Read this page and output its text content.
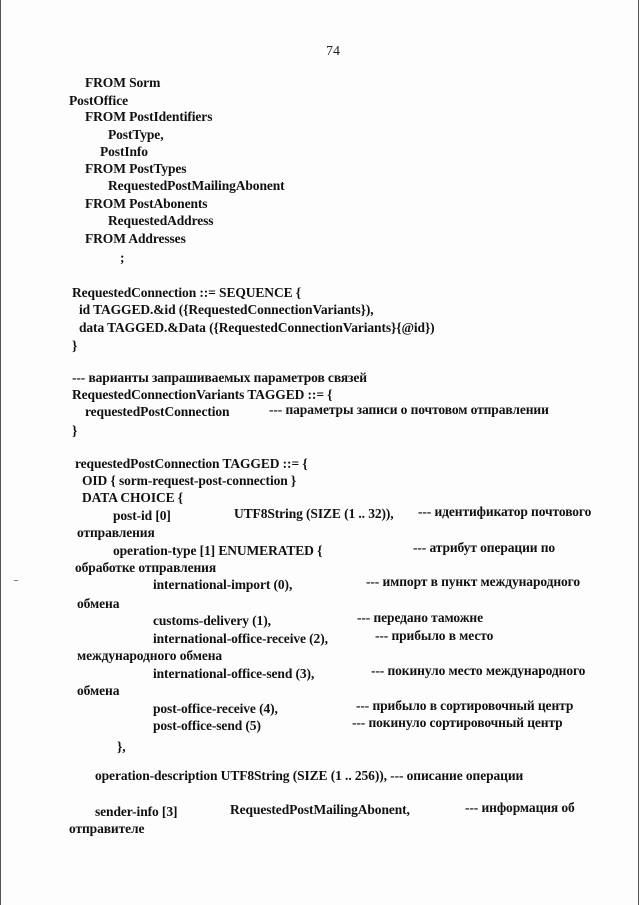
74
FROM Sorm
PostOffice
FROM PostIdentifiers
PostType,
PostInfo
FROM PostTypes
RequestedPostMailingAbonent
FROM PostAbonents
RequestedAddress
FROM Addresses
;
RequestedConnection ::= SEQUENCE {
id TAGGED.&id ({RequestedConnectionVariants}),
data TAGGED.&Data ({RequestedConnectionVariants}{@id})
}
--- варианты запрашиваемых параметров связей
RequestedConnectionVariants TAGGED ::= {
requestedPostConnection	--- параметры записи о почтовом отправлении
}
requestedPostConnection TAGGED ::= {
OID { sorm-request-post-connection }
DATA CHOICE {
post-id [0]	UTF8String (SIZE (1 .. 32)), --- идентификатор почтового
отправления
operation-type [1] ENUMERATED {	--- атрибут операции по
обработке отправления
international-import (0),	--- импорт в пункт международного
обмена
customs-delivery (1),	--- передано таможне
international-office-receive (2),	--- прибыло в место
международного обмена
international-office-send (3),	--- покинуло место международного
обмена
post-office-receive (4),	--- прибыло в сортировочный центр
post-office-send (5)	--- покинуло сортировочный центр
},
operation-description UTF8String (SIZE (1 .. 256)), --- описание операции
sender-info [3]	RequestedPostMailingAbonent,	--- информация об
отправителе
